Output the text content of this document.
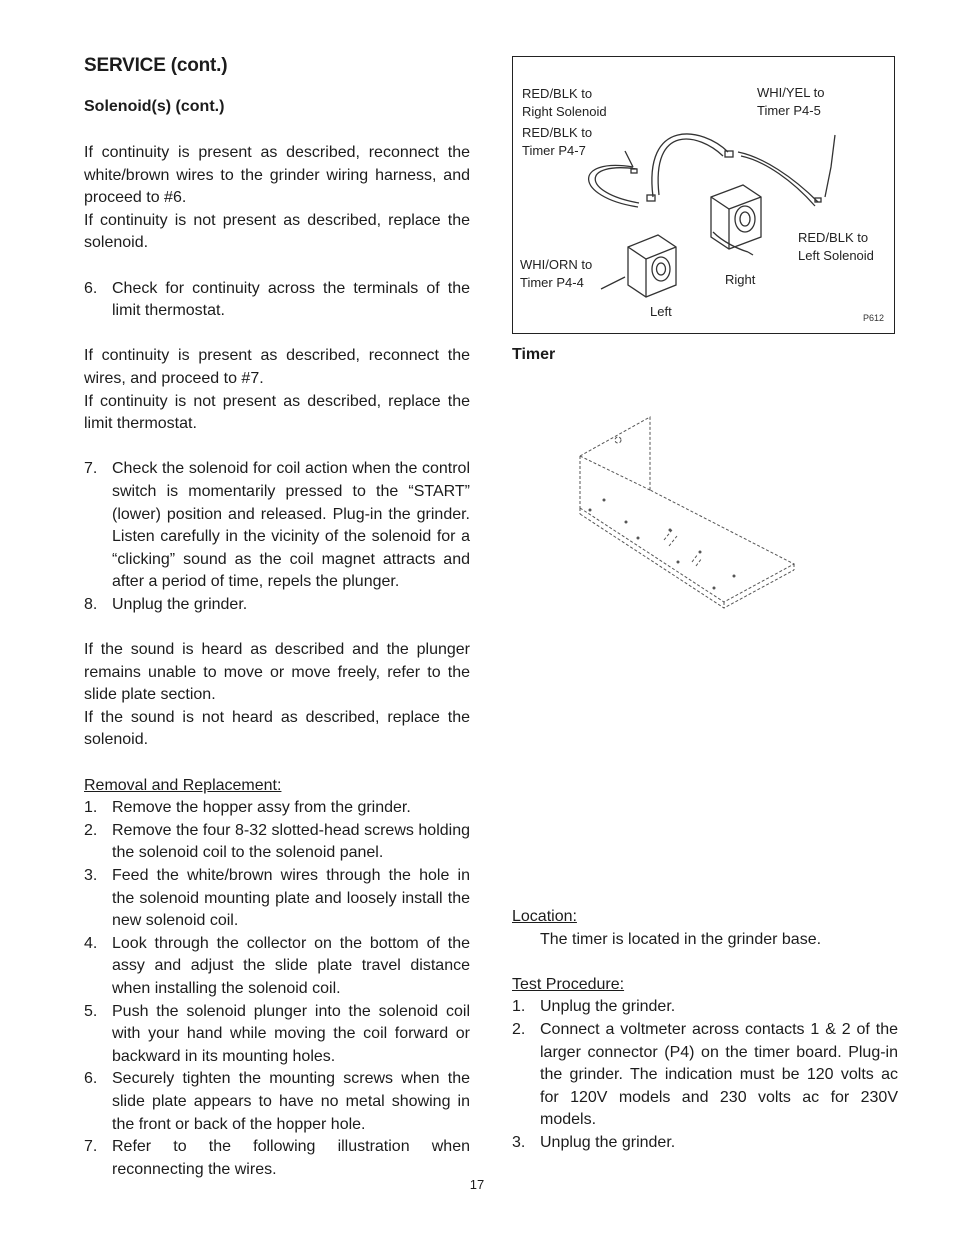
SERVICE (cont.)
Solenoid(s) (cont.)

If continuity is present as described, reconnect the white/brown wires to the grinder wiring harness, and proceed to #6.

If continuity is not present as described, replace the solenoid.

6. Check for continuity across the terminals of the limit thermostat.

If continuity is present as described, reconnect the wires, and proceed to #7.

If continuity is not present as described, replace the limit thermostat.

7. Check the solenoid for coil action when the control switch is momentarily pressed to the “START” (lower) position and released. Plug-in the grinder. Listen carefully in the vicinity of the solenoid for a “clicking” sound as the coil magnet attracts and after a period of time, repels the plunger.
8. Unplug the grinder.

If the sound is heard as described and the plunger remains unable to move or move freely, refer to the slide plate section.

If the sound is not heard as described, replace the solenoid.

Removal and Replacement:

1. Remove the hopper assy from the grinder.
2. Remove the four 8-32 slotted-head screws holding the solenoid coil to the solenoid panel.
3. Feed the white/brown wires through the hole in the solenoid mounting plate and loosely install the new solenoid coil.
4. Look through the collector on the bottom of the assy and adjust the slide plate travel distance when installing the solenoid coil.
5. Push the solenoid plunger into the solenoid coil with your hand while moving the coil forward or backward in its mounting holes.
6. Securely tighten the mounting screws when the slide plate appears to have no metal showing in the front or back of the hopper hole.
7. Refer to the following illustration when reconnecting the wires.
RED/BLK to
Right Solenoid
RED/BLK to
Timer P4-7
WHI/YEL to
Timer P4-5
RED/BLK to
Left Solenoid
WHI/ORN to
Timer P4-4	Right
Left	P612
Timer

Location:

The timer is located in the grinder base.

Test Procedure:

1. Unplug the grinder.
2. Connect a voltmeter across contacts 1 & 2 of the larger connector (P4) on the timer board. Plug-in the grinder. The indication must be 120 volts ac for 120V models and 230 volts ac for 230V models.
3. Unplug the grinder.
17
